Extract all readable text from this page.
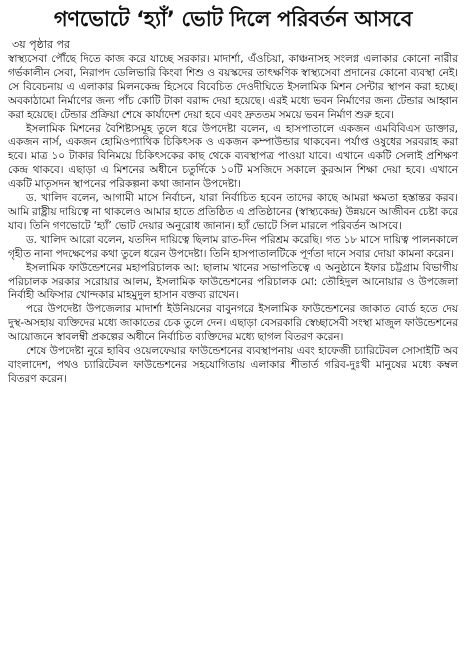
গণভোটে ‘হ্যাঁ’ ভোট দিলে পরিবর্তন আসবে
৩য় পৃষ্ঠার পর

স্বাস্থ্যসেবা পৌঁছে দিতে কাজ করে যাচ্ছে সরকার। মাদার্শা, এঁওচিয়া, কাঞ্চনাসহ সংলগ্ন এলাকার কোনো নারীর গর্ভকালীন সেবা, নিরাপদ ডেলিভারি কিংবা শিশু ও বয়স্কদের তাৎক্ষণিক স্বাস্থ্যসেবা প্রদানের কোনো ব্যবস্থা নেই। সে বিবেচনায় এ এলাকার মিলনকেন্দ্র হিসেবে বিবেচিত দেওদীঘিতে ইসলামিক মিশন সেন্টার স্থাপন করা হচ্ছে। অবকাঠামো নির্মাণের জন্য পাঁচ কোটি টাকা বরাদ্দ দেয়া হয়েছে। এরই মধ্যে ভবন নির্মাণের জন্য টেন্ডার আহ্বান করা হয়েছে। টেন্ডার প্রক্রিয়া শেষে কার্যাদেশ দেয়া হবে এবং দ্রুততম সময়ে ভবন নির্মাণ শুরু হবে।

ইসলামিক মিশনের বৈশিষ্ট্যসমূহ তুলে ধরে উপদেষ্টা বলেন, এ হাসপাতালে একজন এমবিবিএস ডাক্তার, একজন নার্স, একজন হোমিওপ্যাথিক চিকিৎসক ও একজন কম্পাউন্ডার থাকবেন। পর্যাপ্ত ওষুধের সরবরাহ করা হবে। মাত্র ১০ টাকার বিনিময়ে চিকিৎসকের কাছ থেকে ব্যবস্থাপত্র পাওয়া যাবে। এখানে একটি সেলাই প্রশিক্ষণ কেন্দ্র থাকবে। এছাড়া এ মিশনের অধীনে চতুর্দিকে ১০টি মসজিদে সকালে কুরআন শিক্ষা দেয়া হবে। এখানে একটি মাতৃসদন স্থাপনের পরিকল্পনা কথা জানান উপদেষ্টা।

ড. খালিদ বলেন, আগামী মাসে নির্বাচন, যারা নির্বাচিত হবেন তাদের কাছে আমরা ক্ষমতা হস্তান্তর করব। আমি রাষ্ট্রীয় দায়িত্বে না থাকলেও আমার হাতে প্রতিষ্ঠিত এ প্রতিষ্ঠানের (স্বাস্থ্যকেন্দ্র) উন্নয়নে আজীবন চেষ্টা করে যাব। তিনি গণভোটে ‘হ্যাঁ’ ভোট দেয়ার অনুরোধ জানান। হ্যাঁ ভোটে সিল মারলে পরিবর্তন আসবে।

ড. খালিদ আরো বলেন, যতদিন দায়িত্বে ছিলাম রাত-দিন পরিশ্রম করেছি। গত ১৮ মাসে দায়িত্ব পালনকালে গৃহীত নানা পদক্ষেপের কথা তুলে ধরেন উপদেষ্টা। তিনি হাসপাতালটিকে পূর্ণতা দানে সবার দোয়া কামনা করেন।

ইসলামিক ফাউন্ডেশনের মহাপরিচালক আ: ছালাম খানের সভাপতিত্বে এ অনুষ্ঠানে ইফার চট্টগ্রাম বিভাগীয় পরিচালক সরকার সরোয়ার আলম, ইসলামিক ফাউন্ডেশনের পরিচালক মো: তৌহিদুল আনোয়ার ও উপজেলা নির্বাহী অফিসার খোন্দকার মাহমুদুল হাসান বক্তব্য রাখেন।

পরে উপদেষ্টা উপজেলার মাদার্শা ইউনিয়নের বাবুনগরে ইসলামিক ফাউন্ডেশনের জাকাত বোর্ড হতে দেয় দুস্থ-অসহায় ব্যক্তিদের মধ্যে জাকাতের চেক তুলে দেন। এছাড়া বেসরকারি স্বেচ্ছাসেবী সংস্থা মাজুল ফাউন্ডেশনের আয়োজনে স্বাবলম্বী প্রকল্পের অধীনে নির্বাচিত ব্যক্তিদের মধ্যে ছাগল বিতরণ করেন।

শেষে উপদেষ্টা নুরে হাবিব ওয়েলফেয়ার ফাউন্ডেশনের ব্যবস্থাপনায় এবং হাফেজী চ্যারিটেবল সোসাইটি অব বাংলাদেশ, পথও চ্যারিটেবল ফাউন্ডেশনের সহযোগিতায় এলাকার শীতার্ত গরিব-দুঃখী মানুষের মধ্যে কম্বল বিতরণ করেন।
